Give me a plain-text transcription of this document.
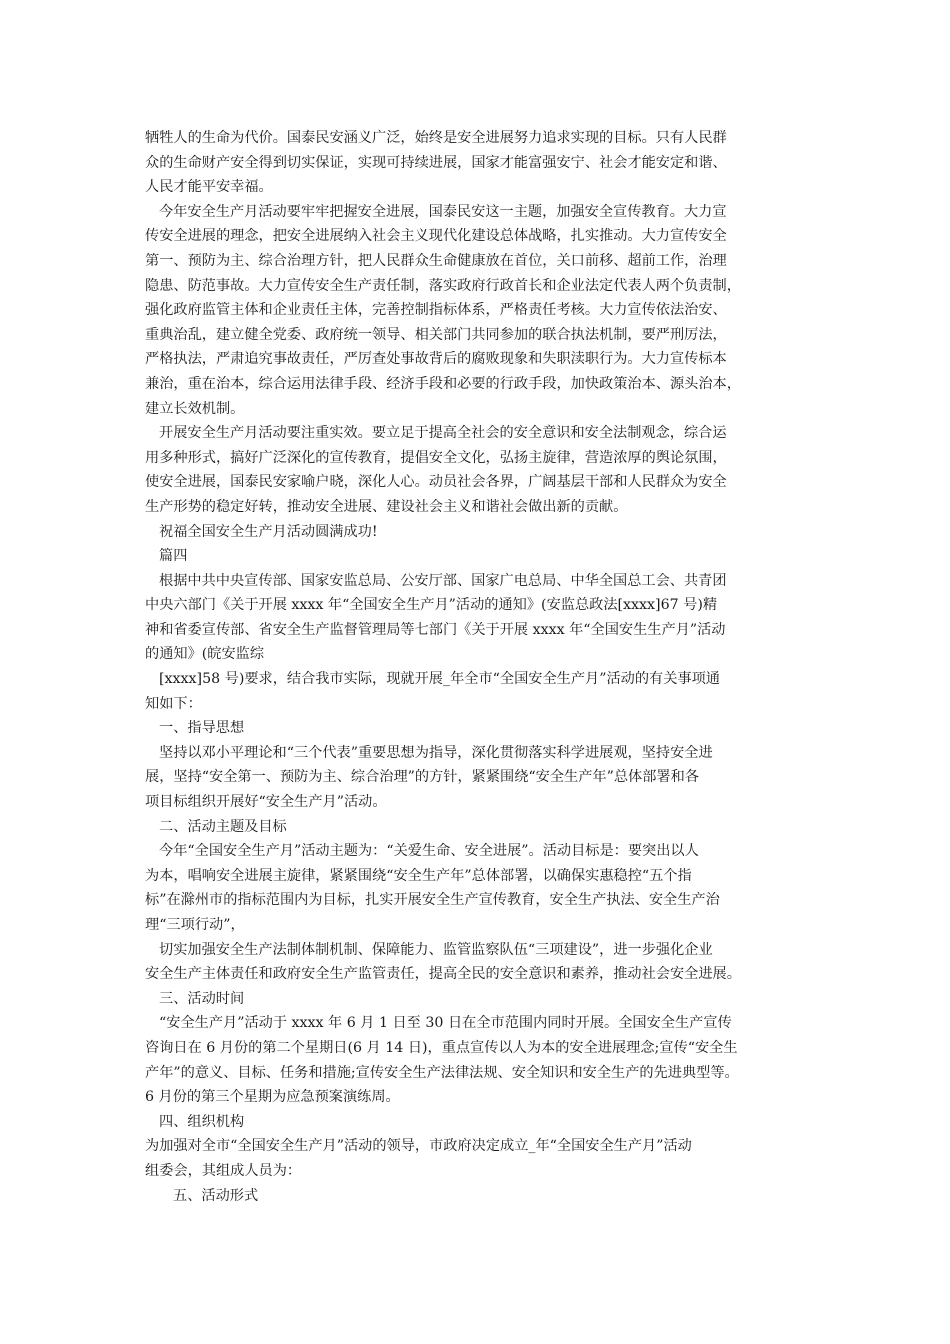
牺牲人的生命为代价。国泰民安涵义广泛，始终是安全进展努力追求实现的目标。只有人民群

众的生命财产安全得到切实保证，实现可持续进展，国家才能富强安宁、社会才能安定和谐、

人民才能平安幸福。

今年安全生产月活动要牢牢把握安全进展，国泰民安这一主题，加强安全宣传教育。大力宣

传安全进展的理念，把安全进展纳入社会主义现代化建设总体战略，扎实推动。大力宣传安全

第一、预防为主、综合治理方针，把人民群众生命健康放在首位，关口前移、超前工作，治理

隐患、防范事故。大力宣传安全生产责任制，落实政府行政首长和企业法定代表人两个负责制，

强化政府监管主体和企业责任主体，完善控制指标体系，严格责任考核。大力宣传依法治安、

重典治乱，建立健全党委、政府统一领导、相关部门共同参加的联合执法机制，要严刑厉法，

严格执法，严肃追究事故责任，严厉查处事故背后的腐败现象和失职渎职行为。大力宣传标本

兼治，重在治本，综合运用法律手段、经济手段和必要的行政手段，加快政策治本、源头治本，

建立长效机制。

开展安全生产月活动要注重实效。要立足于提高全社会的安全意识和安全法制观念，综合运

用多种形式，搞好广泛深化的宣传教育，提倡安全文化，弘扬主旋律，营造浓厚的舆论氛围，

使安全进展，国泰民安家喻户晓，深化人心。动员社会各界，广阔基层干部和人民群众为安全

生产形势的稳定好转，推动安全进展、建设社会主义和谐社会做出新的贡献。

祝福全国安全生产月活动圆满成功!

篇四

根据中共中央宣传部、国家安监总局、公安厅部、国家广电总局、中华全国总工会、共青团

中央六部门《关于开展 xxxx 年“全国安全生产月”活动的通知》(安监总政法[xxxx]67 号)精

神和省委宣传部、省安全生产监督管理局等七部门《关于开展 xxxx 年“全国安生生产月”活动

的通知》(皖安监综

[xxxx]58 号)要求，结合我市实际，现就开展_年全市“全国安全生产月”活动的有关事项通

知如下：

一、指导思想

坚持以邓小平理论和“三个代表”重要思想为指导，深化贯彻落实科学进展观，坚持安全进

展，坚持“安全第一、预防为主、综合治理”的方针，紧紧围绕“安全生产年”总体部署和各

项目标组织开展好“安全生产月”活动。

二、活动主题及目标

今年“全国安全生产月”活动主题为：“关爱生命、安全进展”。活动目标是：要突出以人

为本，唱响安全进展主旋律，紧紧围绕“安全生产年”总体部署，以确保实惠稳控“五个指

标”在滁州市的指标范围内为目标，扎实开展安全生产宣传教育，安全生产执法、安全生产治

理“三项行动”，

切实加强安全生产法制体制机制、保障能力、监管监察队伍“三项建设”，进一步强化企业

安全生产主体责任和政府安全生产监管责任，提高全民的安全意识和素养，推动社会安全进展。

三、活动时间

“安全生产月”活动于 xxxx 年 6 月 1 日至 30 日在全市范围内同时开展。全国安全生产宣传

咨询日在 6 月份的第二个星期日(6 月 14 日)，重点宣传以人为本的安全进展理念;宣传“安全生

产年”的意义、目标、任务和措施;宣传安全生产法律法规、安全知识和安全生产的先进典型等。

6 月份的第三个星期为应急预案演练周。

四、组织机构

为加强对全市“全国安全生产月”活动的领导，市政府决定成立_年“全国安全生产月”活动

组委会，其组成人员为：

五、活动形式
